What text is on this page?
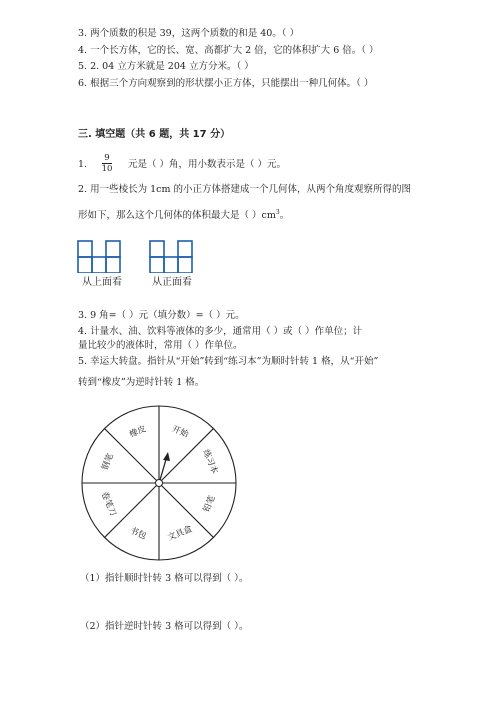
3. 两个质数的积是 39，这两个质数的和是 40。（ ）
4. 一个长方体，它的长、宽、高都扩大 2 倍，它的体积扩大 6 倍。（ ）
5. 2. 04 立方米就是 204 立方分米。（ ）
6. 根据三个方向观察到的形状摆小正方体，只能摆出一种几何体。（ ）
三. 填空题（共 6 题，共 17 分）
1.
9
10 元是（ ）角，用小数表示是（ ）元。
2. 用一些棱长为 1cm 的小正方体搭建成一个几何体，从两个角度观察所得的图
形如下，那么这个几何体的体积最大是（ ）$cm^3$。
从上面看	从正面看
3. 9 角=（ ）元（填分数）=（ ）元。
4. 计量水、油、饮料等液体的多少，通常用（ ）或（ ）作单位；计
量比较少的液体时，常用（ ）作单位。
5. 幸运大转盘。指针从“开始”转到“练习本”为顺时针转 1 格，从“开始”
转到“橡皮”为逆时针转 1 格。
开始
练习本
铅笔
文具盒
书包
卷笔刀
钢笔
橡皮
（1）指针顺时针转 3 格可以得到（ ）。
（2）指针逆时针转 3 格可以得到（ ）。
